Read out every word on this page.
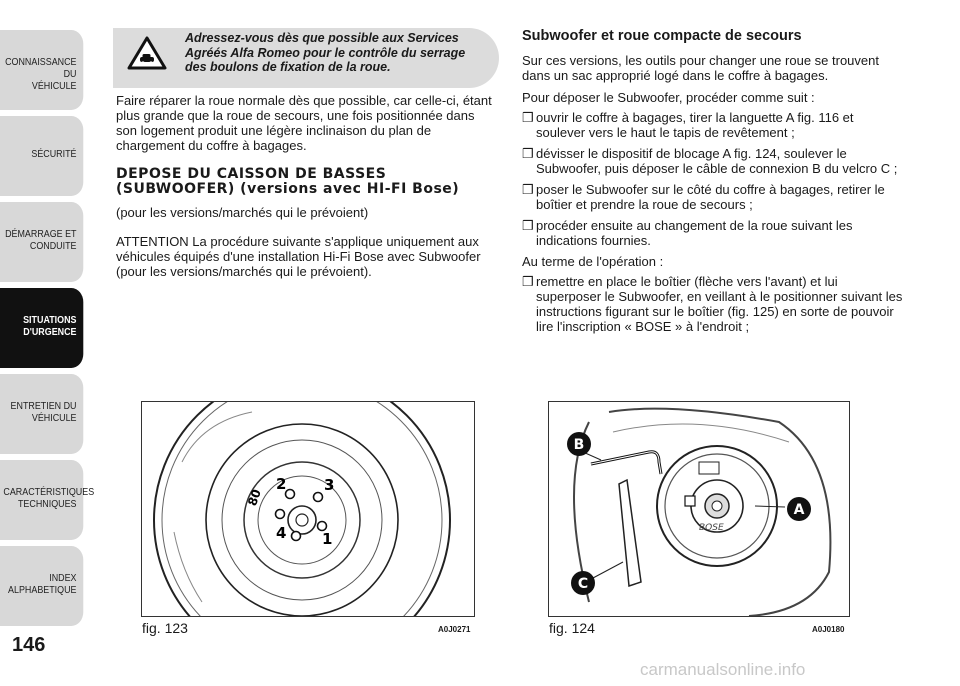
CONNAISSANCE DU
VÉHICULE
SÉCURITÉ
DÉMARRAGE ET
CONDUITE
SITUATIONS
D'URGENCE
ENTRETIEN DU
VÉHICULE
CARACTÉRISTIQUES
TECHNIQUES
INDEX
ALPHABETIQUE
146
Adressez-vous dès que possible aux Services Agréés Alfa Romeo pour le contrôle du serrage des boulons de fixation de la roue.

Faire réparer la roue normale dès que possible, car celle-ci, étant plus grande que la roue de secours, une fois positionnée dans son logement produit une légère inclinaison du plan de chargement du coffre à bagages.

DEPOSE DU CAISSON DE BASSES (SUBWOOFER) (versions avec HI-FI Bose)

(pour les versions/marchés qui le prévoient)

ATTENTION La procédure suivante s'applique uniquement aux véhicules équipés d'une installation Hi-Fi Bose avec Subwoofer (pour les versions/marchés qui le prévoient).

Subwoofer et roue compacte de secours

Sur ces versions, les outils pour changer une roue se trouvent dans un sac approprié logé dans le coffre à bagages.

Pour déposer le Subwoofer, procéder comme suit :

❒ ouvrir le coffre à bagages, tirer la languette A fig. 116 et soulever vers le haut le tapis de revêtement ;
❒ dévisser le dispositif de blocage A fig. 124, soulever le Subwoofer, puis déposer le câble de connexion B du velcro C ;
❒ poser le Subwoofer sur le côté du coffre à bagages, retirer le boîtier et prendre la roue de secours ;
❒ procéder ensuite au changement de la roue suivant les indications fournies.

Au terme de l'opération :

❒ remettre en place le boîtier (flèche vers l'avant) et lui superposer le Subwoofer, en veillant à le positionner suivant les instructions figurant sur le boîtier (fig. 125) en sorte de pouvoir lire l'inscription « BOSE » à l'endroit ;
80
2	3
4 1
fig. 123	A0J0271
BOSE
B
A
C
fig. 124	A0J0180
carmanualsonline.info
